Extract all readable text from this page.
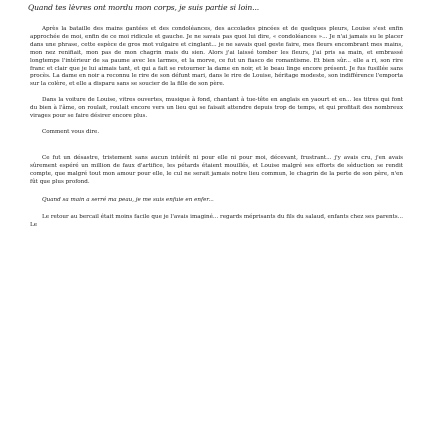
Quand tes lèvres ont mordu mon corps, je suis partie si loin...

Après la bataille des mains gantées et des condoléances, des accolades pincées et de quelques pleurs, Louise s'est enfin approchée de moi, enfin de ce moi ridicule et gauche. Je ne savais pas quoi lui dire, « condoléances »... Je n'ai jamais su le placer dans une phrase, cette espèce de gros mot vulgaire et cinglant... je ne savais quel geste faire, mes fleurs encombrant mes mains, mon nez renifiait, mon pas de mon chagrin mais du sien. Alors j'ai laissé tomber les fleurs, j'ai pris sa main, et embrassé longtemps l'intérieur de sa paume avec les larmes, et la morve, ce fut un fiasco de romantisme. Et bien sûr... elle a ri, son rire franc et clair que je lui aimais tant, et qui a fait se retourner la dame en noir, et le beau linge encore présent. Je fus fusillée sans procès. La dame en noir a reconnu le rire de son défunt mari, dans le rire de Louise, héritage modeste, son indifférence l'emporta sur la colère, et elle a disparu sans se soucier de la fille de son père.

Dans la voiture de Louise, vitres ouvertes, musique à fond, chantant à tue-tête en anglais en yaourt et en... les titres qui font du bien à l'âme, on roulait, roulait encore vers un lieu qui se faisait attendre depuis trop de temps, et qui profitait des nombreux virages pour se faire désirer encore plus.

Comment vous dire.

Ce fut un désastre, tristement sans aucun intérêt ni pour elle ni pour moi, décevant, frustrant... j'y avais cru, j'en avais sûrement espéré un million de faux d'artifice, les pétards étaient mouillés, et Louise malgré ses efforts de séduction se rendit compte, que malgré tout mon amour pour elle, le cul ne serait jamais notre lieu commun, le chagrin de la perte de son père, n'en fût que plus profond.

Quand sa main a serré ma peau, je me suis enfuie en enfer...

Le retour au bercail était moins facile que je l'avais imaginé... regards méprisants du fils du salaud, enfants chez ses parents... Le
